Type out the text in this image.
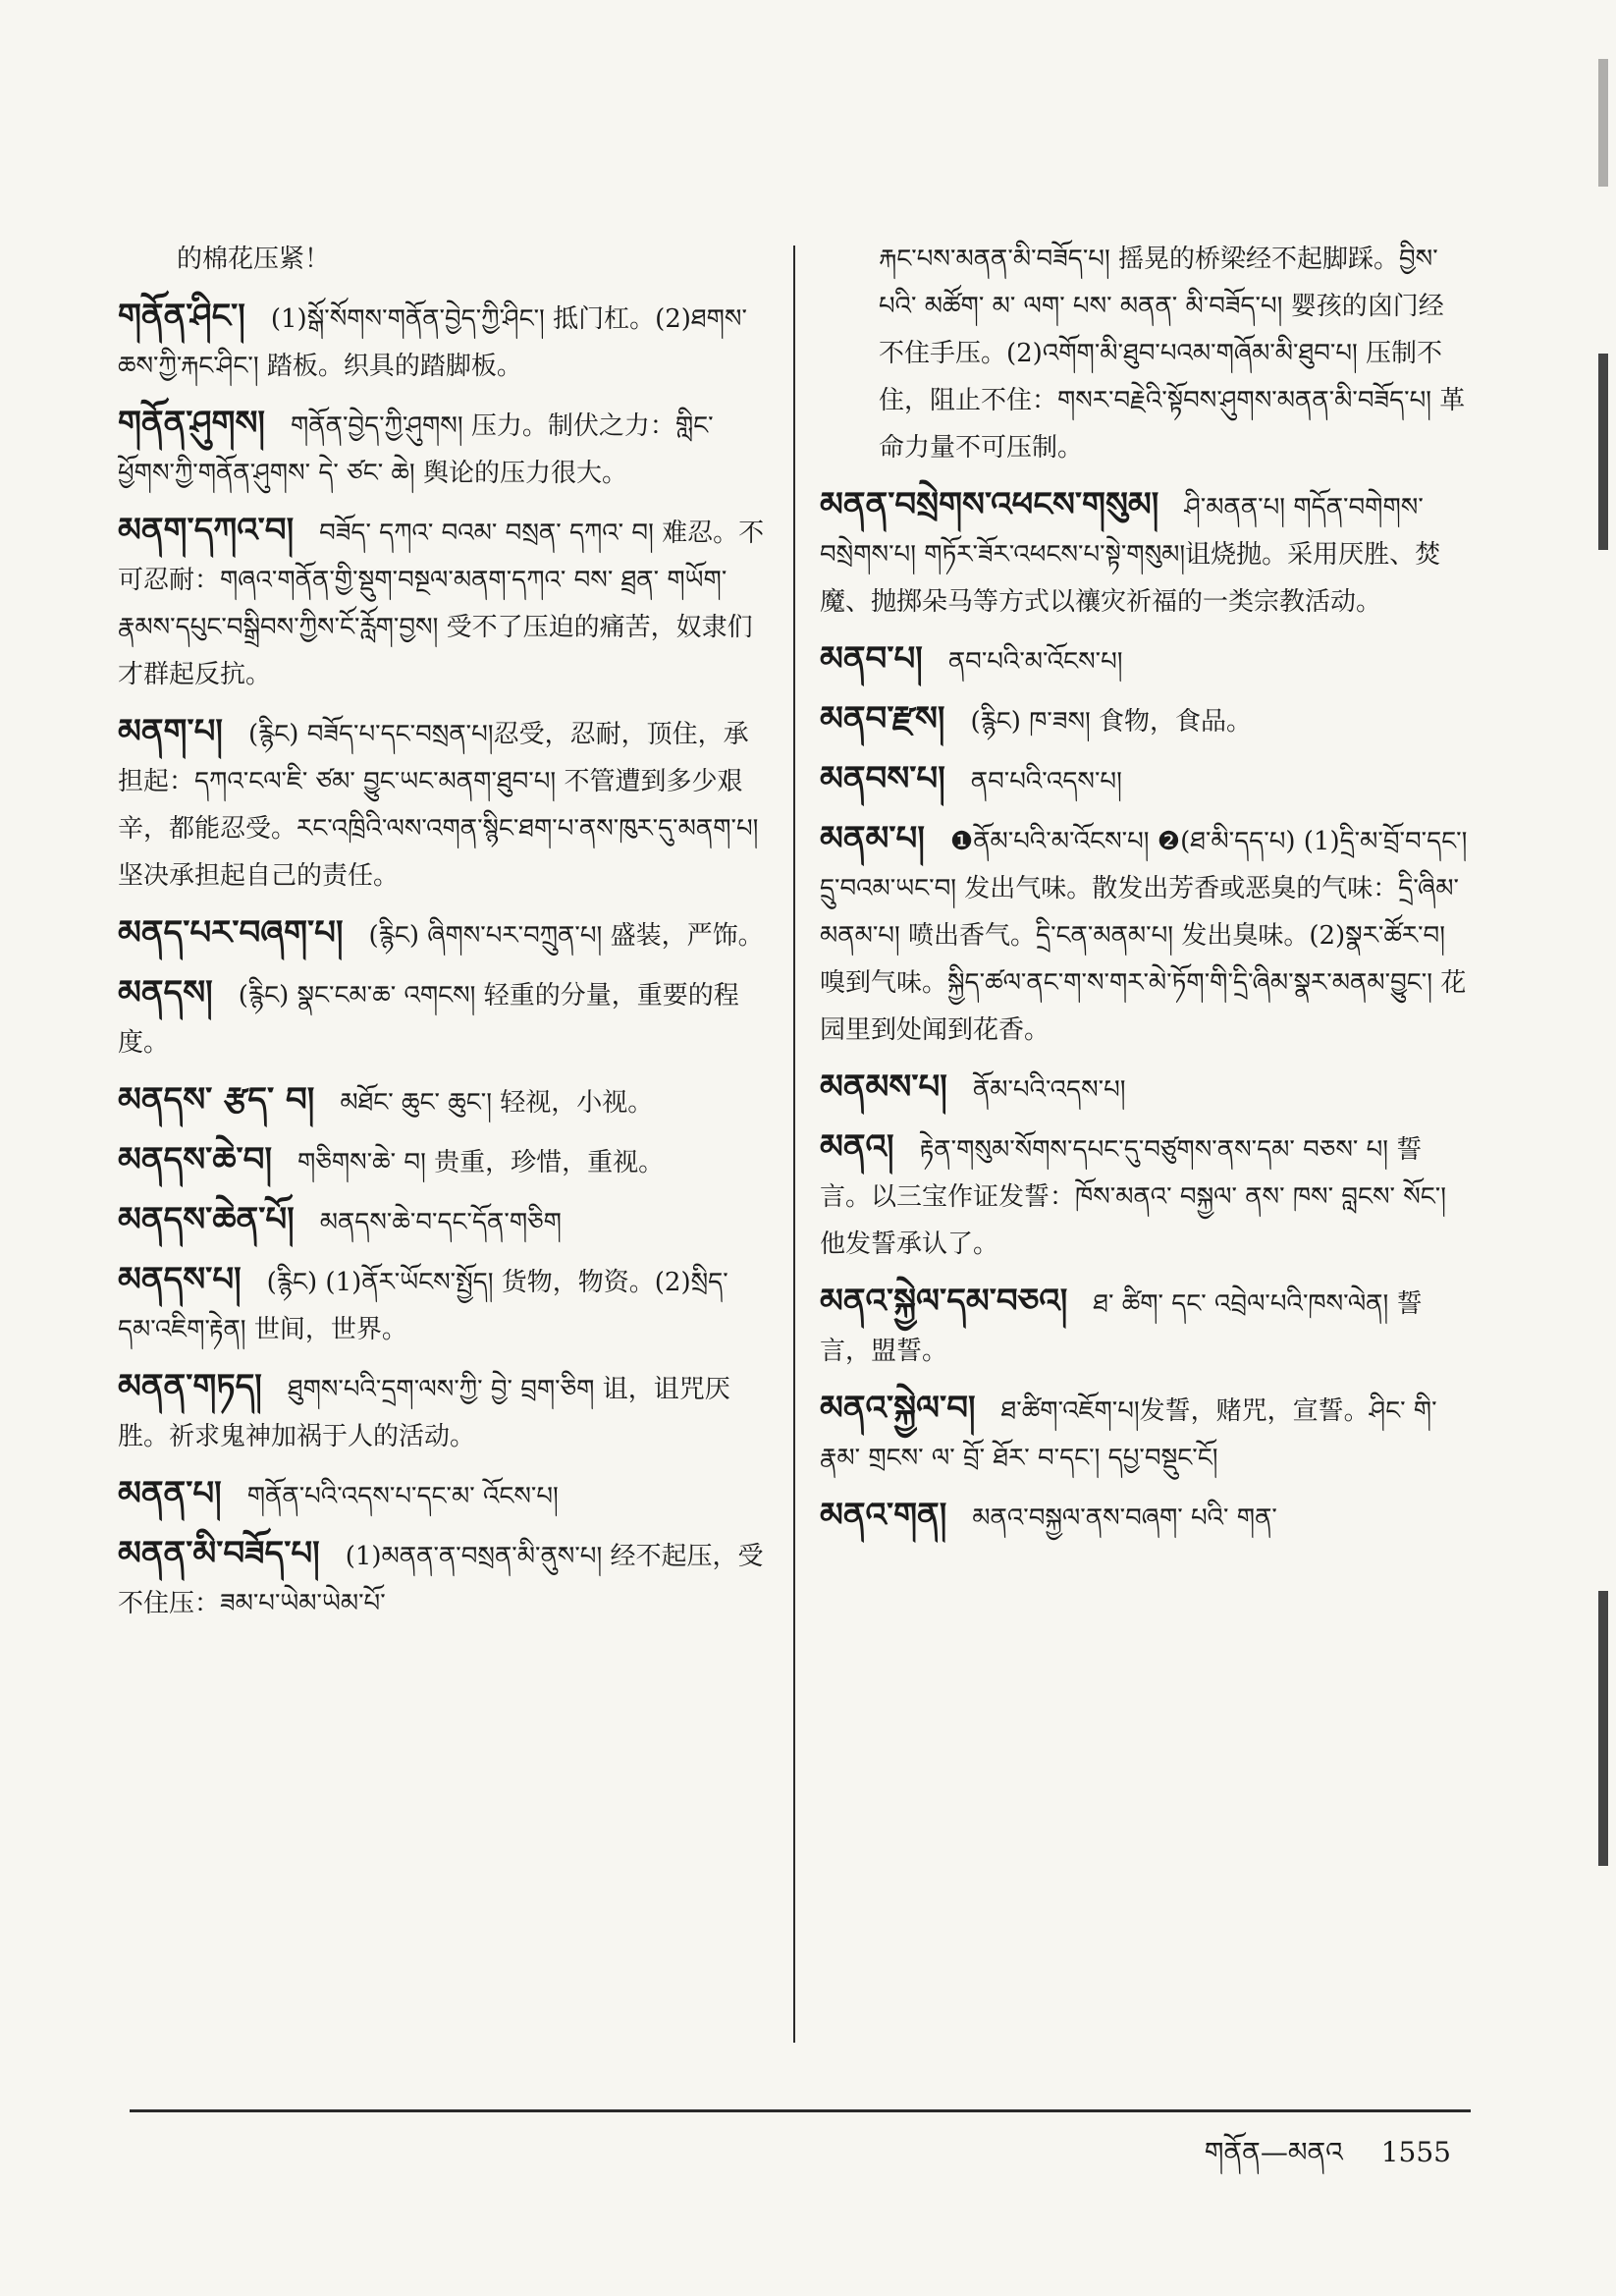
的棉花压紧！
གནོན་ཤིང་། (1)སྒོ་སོགས་གནོན་བྱེད་ཀྱི་ཤིང་། 抵门杠。(2)ཐགས་ཆས་ཀྱི་རྐང་ཤིང་། 踏板。织具的踏脚板。
གནོན་ཤུགས། གནོན་བྱེད་ཀྱི་ཤུགས། 压力。制伏之力：གླིང་ཕྱོགས་ཀྱི་གནོན་ཤུགས་ དེ་ ཙང་ ཆེ། 舆论的压力很大。
མནག་དཀའ་བ། བཟོད་ དཀའ་ བའམ་ བསྲན་ དཀའ་ བ། 难忍。不可忍耐：གཞའ་གནོན་གྱི་སྡུག་བསྔལ་མནག་དཀའ་ བས་ ཐྲན་ གཡོག་ རྣམས་དཔུང་བསྒྲིབས་ཀྱིས་ངོ་རློག་བྱས། 受不了压迫的痛苦，奴隶们才群起反抗。
མནག་པ། (རྙིང) བཟོད་པ་དང་བསྲན་པ།忍受，忍耐，顶住，承担起：དཀའ་ངལ་ཇི་ ཙམ་ བྱུང་ཡང་མནག་ཐུབ་པ། 不管遭到多少艰辛，都能忍受。རང་འཁྲིའི་ལས་འགན་སྙིང་ཐག་པ་ནས་ཁུར་དུ་མནག་པ། 坚决承担起自己的责任。
མནད་པར་བཞག་པ། (རྙིང) ཞིགས་པར་བཀྲུན་པ། 盛装，严饰。
མནདས། (རྙིང) སྣང་ངམ་ཆ་ འགངས། 轻重的分量，重要的程度。
མནདས་ རྩད་ བ། མཐོང་ ཆུང་ ཆུང་། 轻视，小视。
མནདས་ཆེ་བ། གཅིགས་ཆེ་ བ། 贵重，珍惜，重视。
མནདས་ཆེན་པོ། མནདས་ཆེ་བ་དང་དོན་གཅིག
མནདས་པ། (རྙིང) (1)ནོར་ཡོངས་སྤྱོད། 货物，物资。(2)སྲིད་དམ་འཇིག་རྟེན། 世间，世界。
མནན་གཏད། ཐུགས་པའི་དྲག་ལས་ཀྱི་ བྱེ་ བྲག་ཅིག 诅，诅咒厌胜。祈求鬼神加祸于人的活动。
མནན་པ། གནོན་པའི་འདས་པ་དང་མ་ འོངས་པ།
མནན་མི་བཟོད་པ། (1)མནན་ན་བསྲན་མི་ནུས་པ། 经不起压，受不住压：ཟམ་པ་ཡེམ་ཡེམ་པོ་
རྐང་པས་མནན་མི་བཟོད་པ། 摇晃的桥梁经不起脚踩。བྱིས་ པའི་ མཚོག་ མ་ ལག་ པས་ མནན་ མི་བཟོད་པ། 婴孩的囟门经不住手压。(2)འགོག་མི་ཐུབ་པའམ་གཞོམ་མི་ཐུབ་པ། 压制不住，阻止不住：གསར་བརྗེའི་སྟོབས་ཤུགས་མནན་མི་བཟོད་པ། 革命力量不可压制。
མནན་བསྲེགས་འཕངས་གསུམ། ཤི་མནན་པ། གདོན་བགེགས་བསྲེགས་པ། གཏོར་ཟོར་འཕངས་པ་སྟེ་གསུམ།诅烧抛。采用厌胜、焚魔、抛掷朵马等方式以禳灾祈福的一类宗教活动。
མནབ་པ། ནབ་པའི་མ་འོངས་པ།
མནབ་རྫས། (རྙིང) ཁ་ཟས། 食物，食品。
མནབས་པ། ནབ་པའི་འདས་པ།
མནམ་པ། ❶ནོམ་པའི་མ་འོངས་པ། ❷(ཐ་མི་དད་པ) (1)དྲི་མ་བྲོ་བ་དང་། དྲུ་བའམ་ཡང་བ། 发出气味。散发出芳香或恶臭的气味：དྲི་ཞིམ་མནམ་པ། 喷出香气。དྲི་ངན་མནམ་པ། 发出臭味。(2)སྣར་ཚོར་བ། 嗅到气味。སྐྱིད་ཚལ་ནང་ག་ས་གར་མེ་ཏོག་གི་དྲི་ཞིམ་སྣར་མནམ་བྱུང་། 花园里到处闻到花香。
མནམས་པ། ནོམ་པའི་འདས་པ།
མནའ། རྟེན་གསུམ་སོགས་དཔང་དུ་བཙུགས་ནས་དམ་ བཅས་ པ། 誓言。以三宝作证发誓：ཁོས་མནའ་ བསྐྱལ་ ནས་ ཁས་ བླངས་ སོང་། 他发誓承认了。
མནའ་སྐྱེལ་དམ་བཅའ། ཐ་ ཚིག་ དང་ འབྲེལ་པའི་ཁས་ལེན། 誓言，盟誓。
མནའ་སྐྱེལ་བ། ཐ་ཚིག་འཇོག་པ།发誓，赌咒，宣誓。ཤིང་ གི་ རྣམ་ གྲངས་ ལ་ བྲོ་ ཐོར་ བ་དང་། དཔྱ་བསྡུང་ངོ།
མནའ་གན། མནའ་བསྐྱལ་ནས་བཞག་ པའི་ གན་
གནོན—མནའ 1555
